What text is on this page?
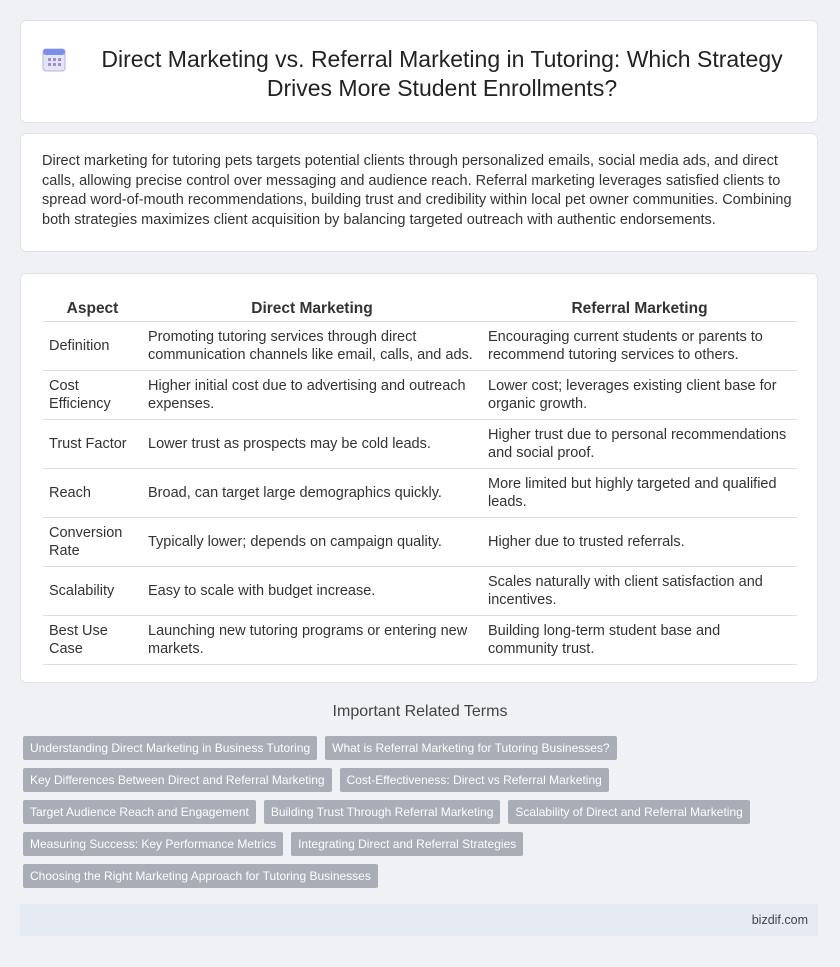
Direct Marketing vs. Referral Marketing in Tutoring: Which Strategy Drives More Student Enrollments?

Direct marketing for tutoring pets targets potential clients through personalized emails, social media ads, and direct calls, allowing precise control over messaging and audience reach. Referral marketing leverages satisfied clients to spread word-of-mouth recommendations, building trust and credibility within local pet owner communities. Combining both strategies maximizes client acquisition by balancing targeted outreach with authentic endorsements.

Aspect	Direct Marketing	Referral Marketing
Definition	Promoting tutoring services through direct communication channels like email, calls, and ads.	Encouraging current students or parents to recommend tutoring services to others.
Cost Efficiency	Higher initial cost due to advertising and outreach expenses.	Lower cost; leverages existing client base for organic growth.
Trust Factor	Lower trust as prospects may be cold leads.	Higher trust due to personal recommendations and social proof.
Reach	Broad, can target large demographics quickly.	More limited but highly targeted and qualified leads.
Conversion Rate	Typically lower; depends on campaign quality.	Higher due to trusted referrals.
Scalability	Easy to scale with budget increase.	Scales naturally with client satisfaction and incentives.
Best Use Case	Launching new tutoring programs or entering new markets.	Building long-term student base and community trust.
Important Related Terms
Understanding Direct Marketing in Business Tutoring	What is Referral Marketing for Tutoring Businesses?
Key Differences Between Direct and Referral Marketing	Cost-Effectiveness: Direct vs Referral Marketing
Target Audience Reach and Engagement	Building Trust Through Referral Marketing	Scalability of Direct and Referral Marketing
Measuring Success: Key Performance Metrics	Integrating Direct and Referral Strategies
Choosing the Right Marketing Approach for Tutoring Businesses
bizdif.com
